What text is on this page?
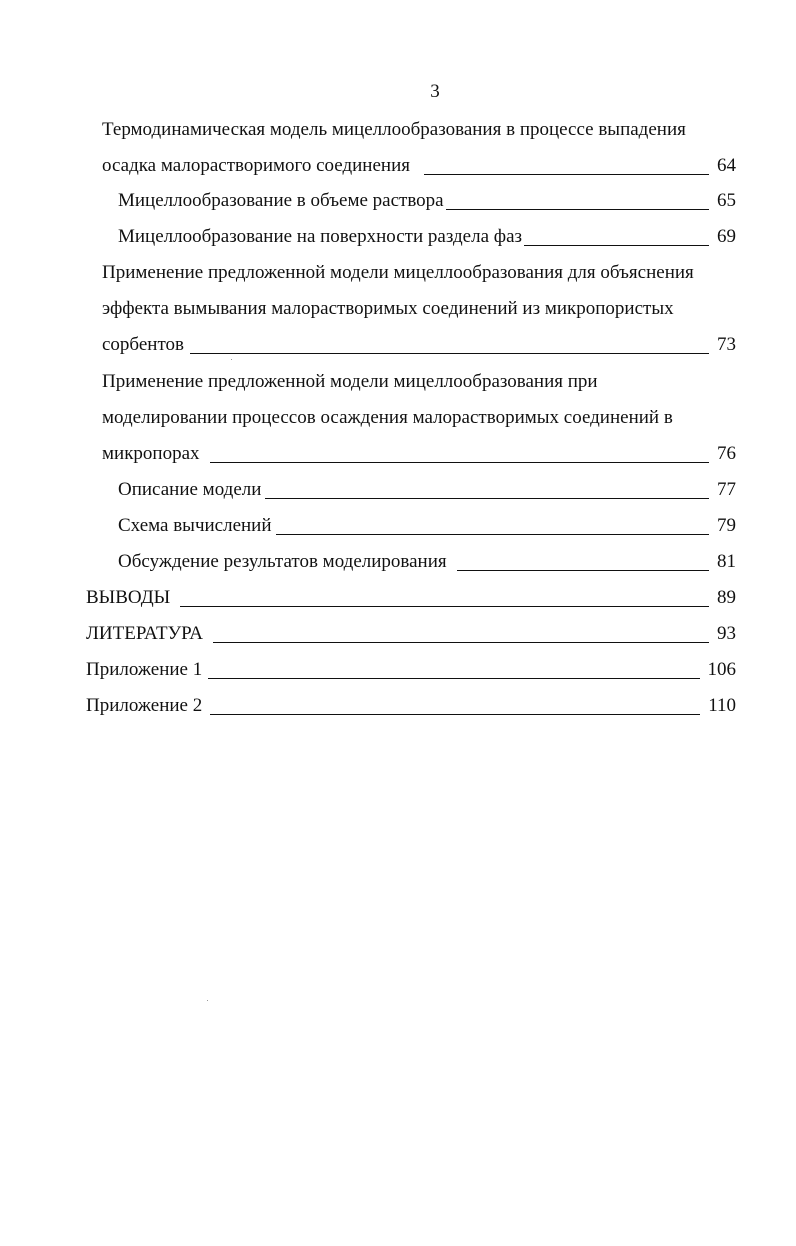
3
Термодинамическая модель мицеллообразования в процессе выпадения
осадка малорастворимого соединения	64
Мицеллообразование в объеме раствора	65
Мицеллообразование на поверхности раздела фаз	69
Применение предложенной модели мицеллообразования для объяснения
эффекта вымывания малорастворимых соединений из микропористых
сорбентов	73
Применение предложенной модели мицеллообразования при
моделировании процессов осаждения малорастворимых соединений в
микропорах	76
Описание модели	77
Схема вычислений	79
Обсуждение результатов моделирования	81
ВЫВОДЫ	89
ЛИТЕРАТУРА	93
Приложение 1	106
Приложение 2	110
